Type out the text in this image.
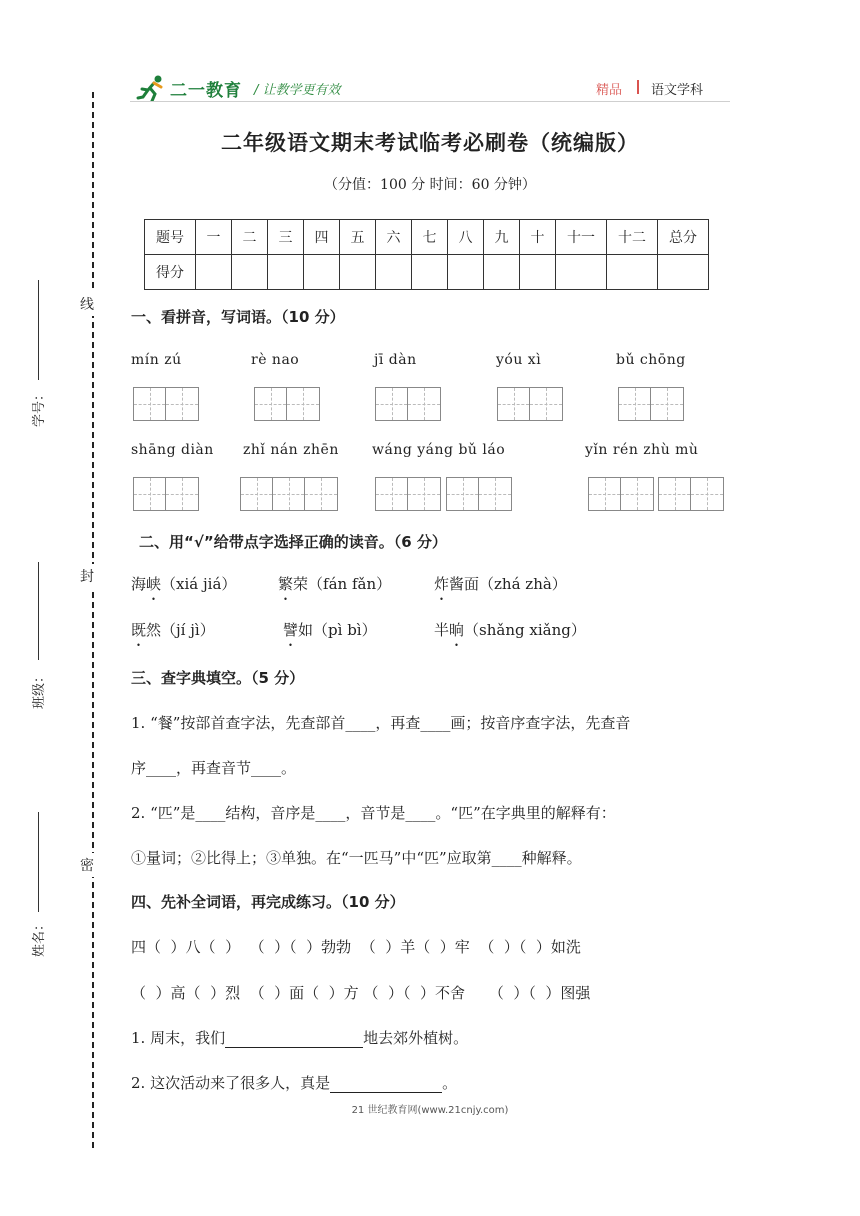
二一教育 / 让教学更有效	精品 语文学科
二年级语文期末考试临考必刷卷（统编版）
（分值：100 分 时间：60 分钟）
题号	一	二	三	四	五	六	七	八	九	十	十一	十二	总分
得分													
线
封
密
学号：
班级：
姓名：
一、看拼音，写词语。（10 分）
mín zú	rè nao	jī dàn	yóu xì	bǔ chōng
shāng diàn zhǐ nán zhēn wáng yáng bǔ láo	yǐn rén zhù mù
二、用“√”给带点字选择正确的读音。（6 分）
海峡（xiá jiá）	繁荣（fán fǎn）	炸酱面（zhá zhà）
既然（jí jì）	譬如（pì bì）	半晌（shǎng xiǎng）
三、查字典填空。（5 分）
1. “餐”按部首查字法，先查部首____，再查____画；按音序查字法，先查音
序____，再查音节____。
2. “匹”是____结构，音序是____，音节是____。“匹”在字典里的解释有：
①量词；②比得上；③单独。在“一匹马”中“匹”应取第____种解释。
四、先补全词语，再完成练习。（10 分）
四（  ）八（  ）  （  ）（  ）勃勃  （  ）羊（  ）牢  （  ）（  ）如洗
（  ）高（  ）烈  （  ）面（  ）方 （  ）（  ）不舍     （  ）（  ）图强
1. 周末，我们	地去郊外植树。
2. 这次活动来了很多人，真是	。
21 世纪教育网(www.21cnjy.com)
